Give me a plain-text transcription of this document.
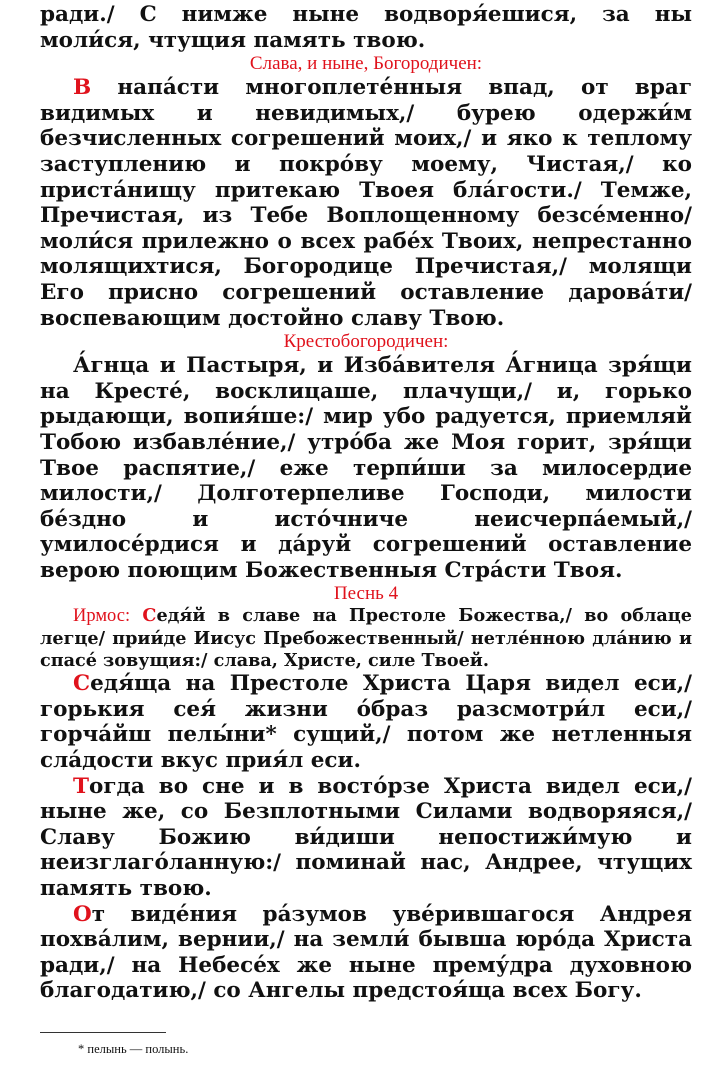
ради./ С нимже ныне водворя́ешися, за ны моли́ся, чтущия память твою.

Слава, и ныне, Богородичен:

В напа́сти многоплете́нныя впад, от враг видимых и невидимых,/ бурею одержи́м безчисленных согрешений моих,/ и яко к теплому заступлению и покро́ву моему, Чистая,/ ко приста́нищу притекаю Твоея бла́гости./ Темже, Пречистая, из Тебе Воплощенному безсе́менно/ моли́ся прилежно о всех рабе́х Твоих, непрестанно молящихтися, Богородице Пречистая,/ молящи Его присно согрешений оставление дарова́ти/ воспевающим достойно славу Твою.

Крестобогородичен:

А́гнца и Пастыря, и Изба́вителя А́гница зря́щи на Кресте́, восклицаше, плачущи,/ и, горько рыдающи, вопия́ше:/ мир убо радуется, приемляй Тобою избавле́ние,/ утро́ба же Моя горит, зря́щи Твое распятие,/ еже терпи́ши за милосердие милости,/ Долготерпеливе Господи, милости бе́здно и исто́чниче неисчерпа́емый,/ умилосе́рдися и да́руй согрешений оставление верою поющим Божественныя Стра́сти Твоя.

Песнь 4

Ирмос: Седя́й в славе на Престоле Божества,/ во облаце легце/ прии́де Иисус Пребожественный/ нетле́нною дла́нию и спасе́ зовущия:/ слава, Христе, силе Твоей.

Седя́ща на Престоле Христа Царя видел еси,/ горькия сея́ жизни о́браз разсмотри́л еси,/ горча́йш пелы́ни* сущий,/ потом же нетленныя сла́дости вкус прия́л еси.

Тогда во сне и в восто́рзе Христа видел еси,/ ныне же, со Безплотными Силами водворяяся,/ Славу Божию ви́диши непостижи́мую и неизглаго́ланную:/ поминай нас, Андрее, чтущих память твою.

От виде́ния ра́зумов уве́рившагося Андрея похва́лим, вернии,/ на земли́ бывша юро́да Христа ради,/ на Небесе́х же ныне прему́дра духовною благодатию,/ со Ангелы предстоя́ща всех Богу.

* пелынь — полынь.
